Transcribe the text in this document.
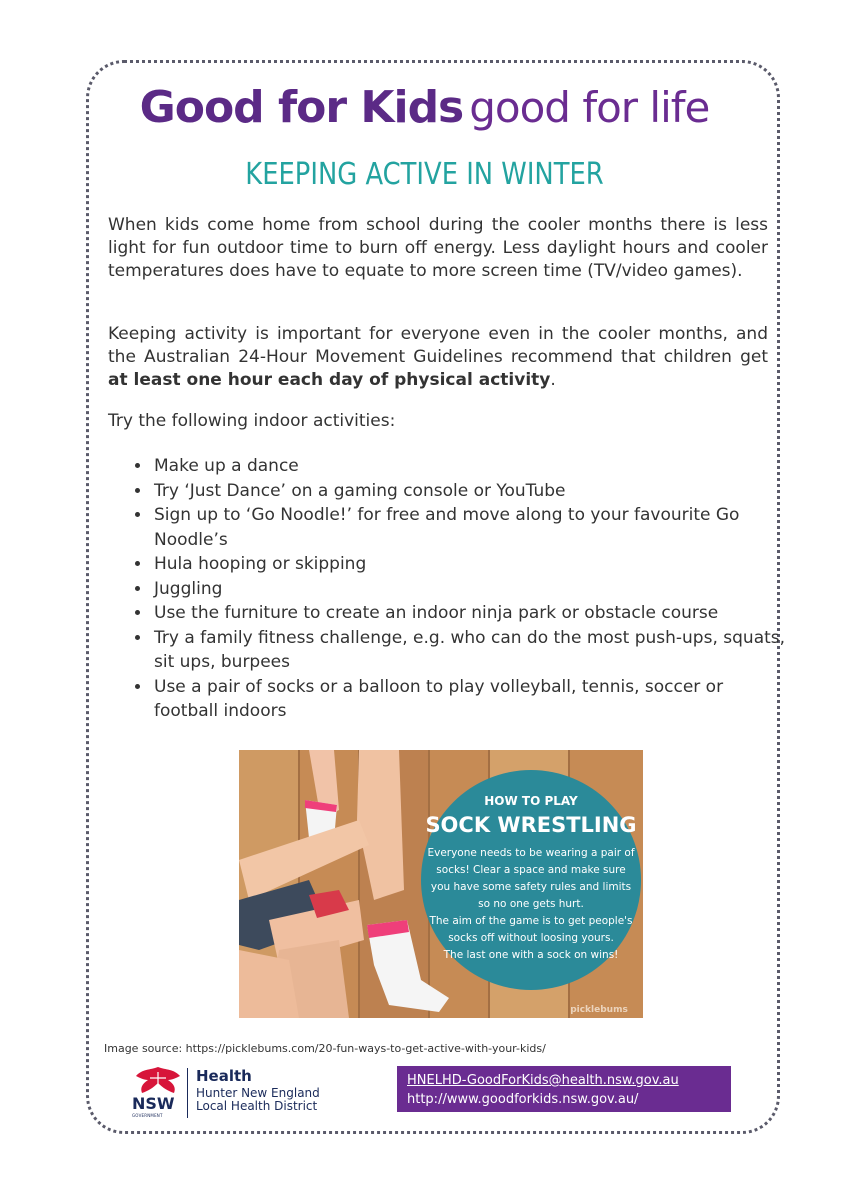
Good for Kids good for life
KEEPING ACTIVE IN WINTER

When kids come home from school during the cooler months there is less light for fun outdoor time to burn off energy. Less daylight hours and cooler temperatures does have to equate to more screen time (TV/video games).

Keeping activity is important for everyone even in the cooler months, and the Australian 24-Hour Movement Guidelines recommend that children get at least one hour each day of physical activity.

Try the following indoor activities:

• Make up a dance
• Try ‘Just Dance’ on a gaming console or YouTube
• Sign up to ‘Go Noodle!’ for free and move along to your favourite Go Noodle’s
• Hula hooping or skipping
• Juggling
• Use the furniture to create an indoor ninja park or obstacle course
• Try a family fitness challenge, e.g. who can do the most push-ups, squats, sit ups, burpees
• Use a pair of socks or a balloon to play volleyball, tennis, soccer or football indoors
HOW TO PLAY
SOCK WRESTLING
Everyone needs to be wearing a pair of
socks! Clear a space and make sure
you have some safety rules and limits
so no one gets hurt.
The aim of the game is to get people's
socks off without loosing yours.
The last one with a sock on wins!
picklebums
Image source: https://picklebums.com/20-fun-ways-to-get-active-with-your-kids/
NSW
GOVERNMENT
Health
Hunter New England
Local Health District
HNELHD-GoodForKids@health.nsw.gov.au
http://www.goodforkids.nsw.gov.au/
